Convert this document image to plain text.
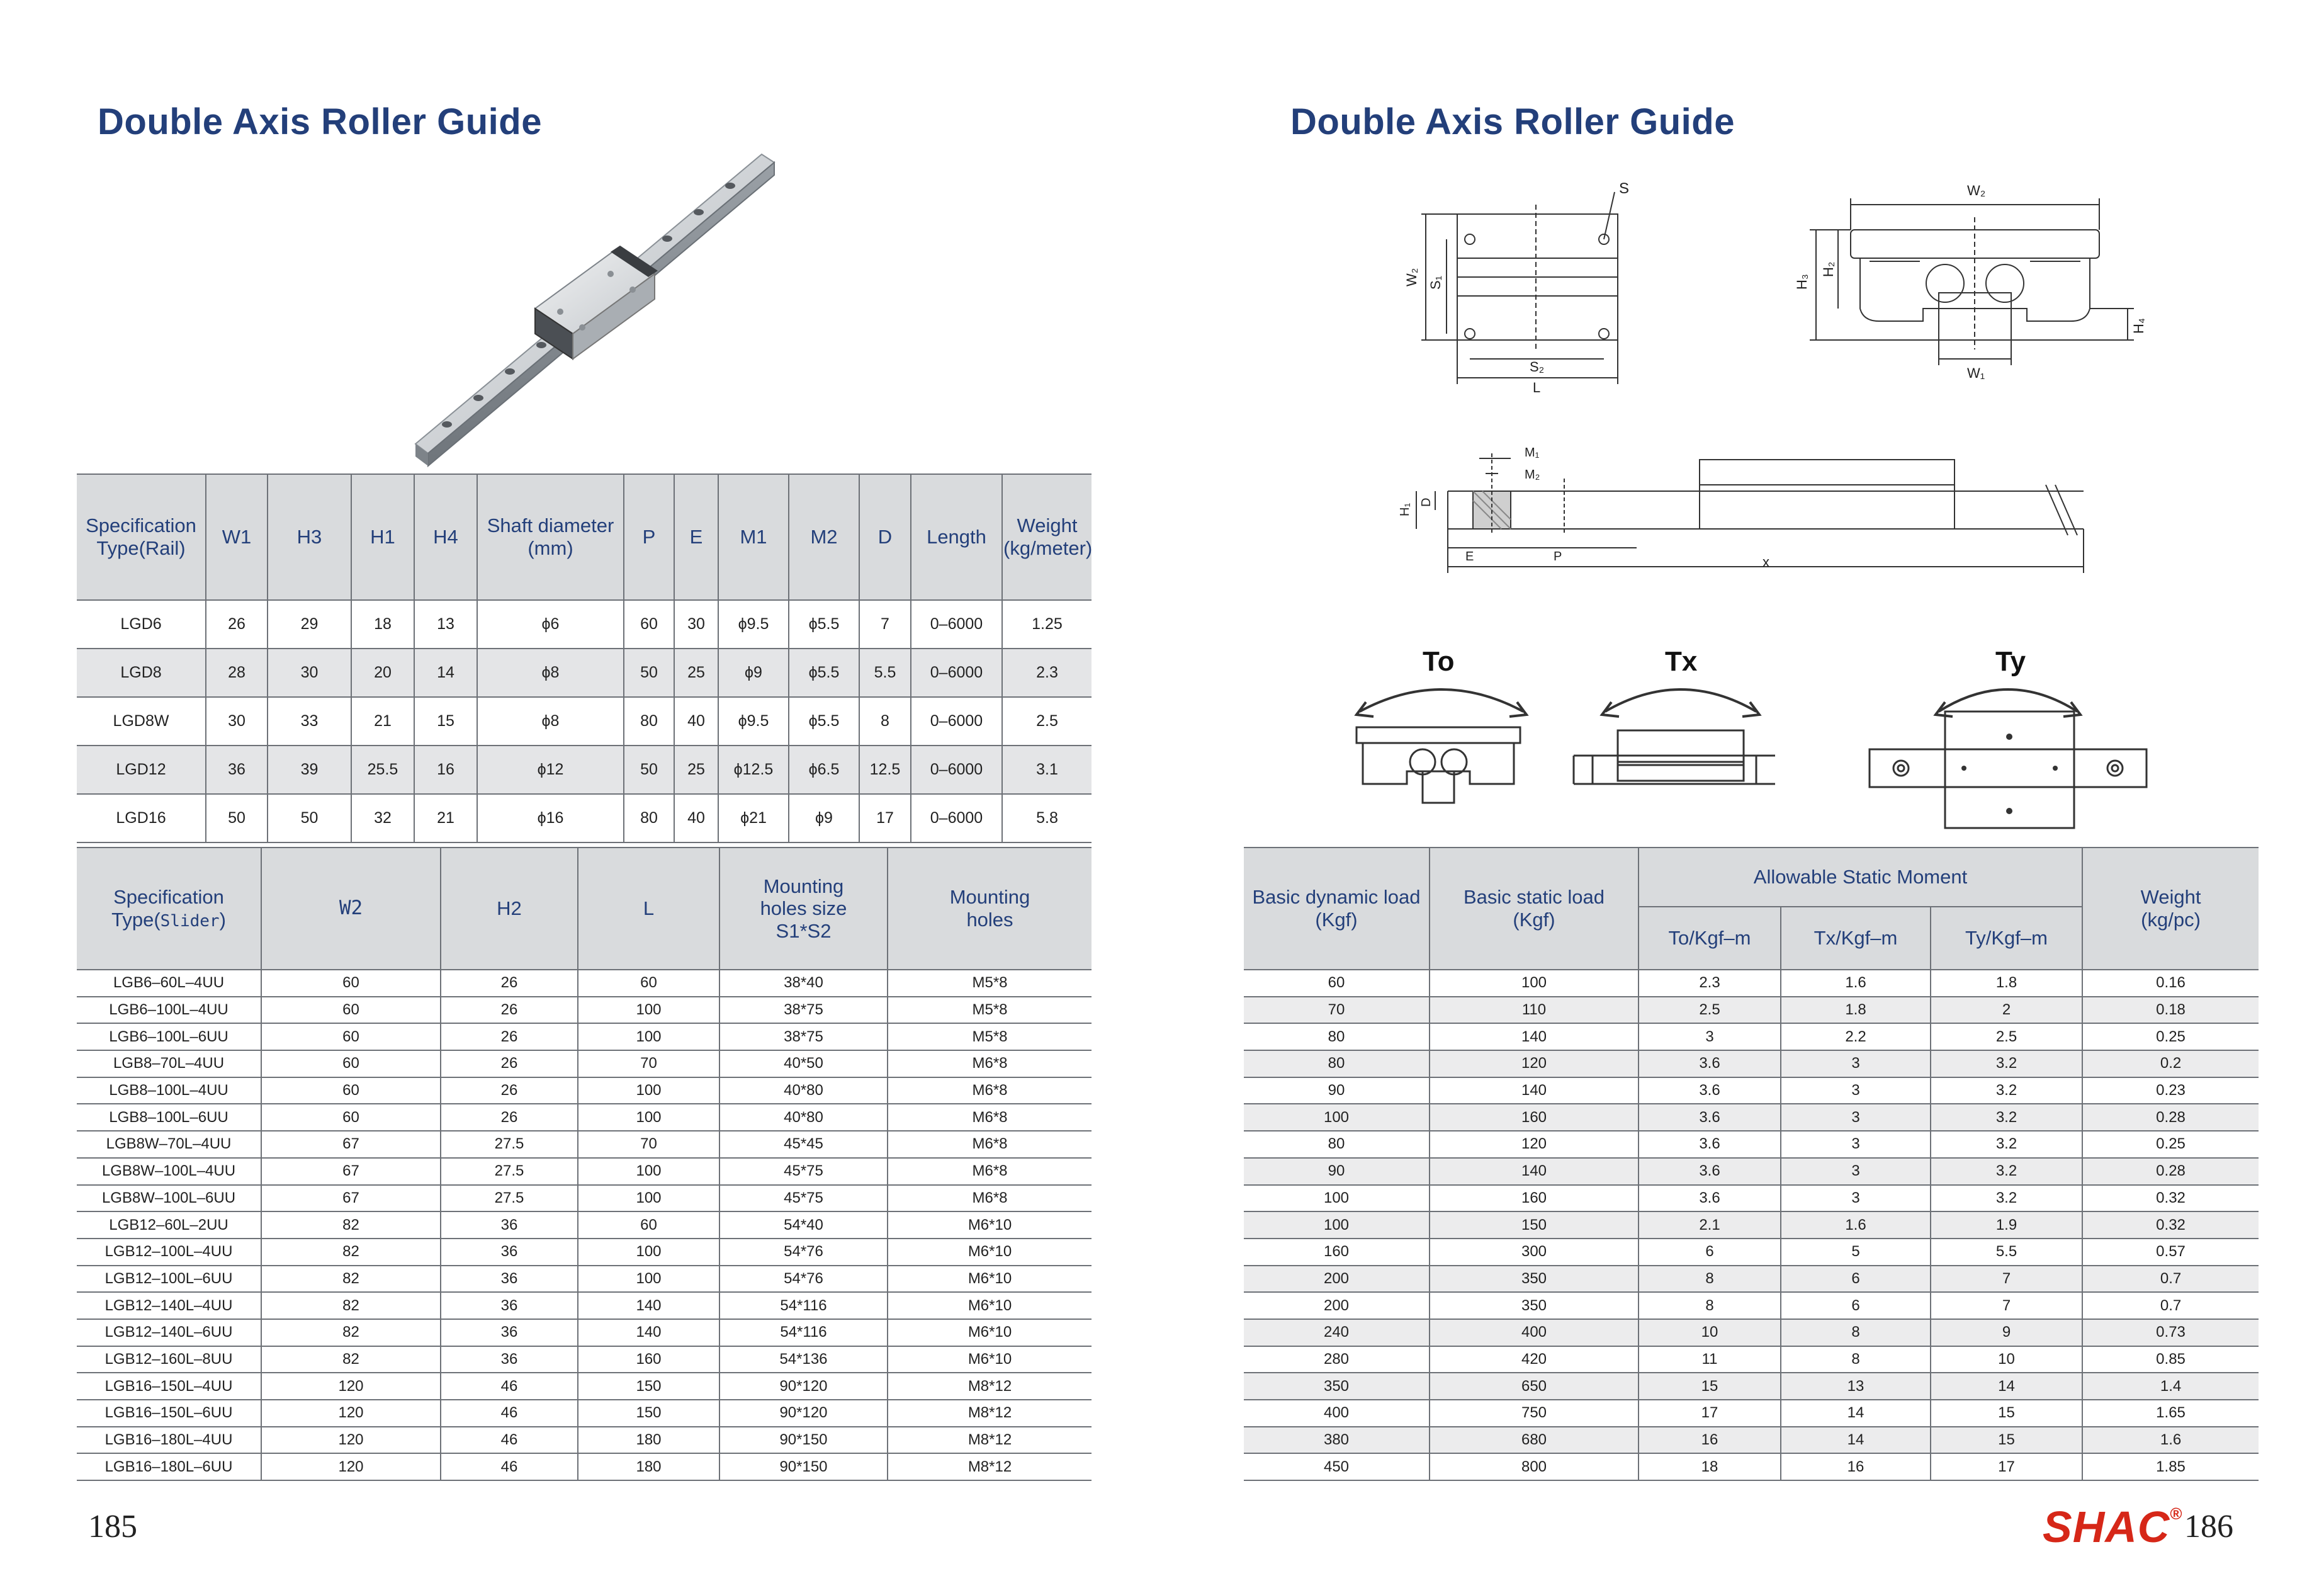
Double Axis Roller Guide	Double Axis Roller Guide
S
W₂ S₁
S₂
L
W₂
H₃
H₂
H₄
W₁
M₁
M₂
H₁
D
E	P	x
To	Tx	Ty
Specification Type(Rail)	W1	H3	H1	H4	Shaft diameter (mm)	P	E	M1	M2	D	Length	Weight (kg/meter)
LGD6	26	29	18	13	ϕ6	60	30	ϕ9.5	ϕ5.5	7	0–6000	1.25
LGD8	28	30	20	14	ϕ8	50	25	ϕ9	ϕ5.5	5.5	0–6000	2.3
LGD8W	30	33	21	15	ϕ8	80	40	ϕ9.5	ϕ5.5	8	0–6000	2.5
LGD12	36	39	25.5	16	ϕ12	50	25	ϕ12.5	ϕ6.5	12.5	0–6000	3.1
LGD16	50	50	32	21	ϕ16	80	40	ϕ21	ϕ9	17	0–6000	5.8
Specification
Type(Slider)	W2	H2	L	Mounting holes size S1*S2	Mounting holes
LGB6–60L–4UU	60	26	60	38*40	M5*8
LGB6–100L–4UU	60	26	100	38*75	M5*8
LGB6–100L–6UU	60	26	100	38*75	M5*8
LGB8–70L–4UU	60	26	70	40*50	M6*8
LGB8–100L–4UU	60	26	100	40*80	M6*8
LGB8–100L–6UU	60	26	100	40*80	M6*8
LGB8W–70L–4UU	67	27.5	70	45*45	M6*8
LGB8W–100L–4UU	67	27.5	100	45*75	M6*8
LGB8W–100L–6UU	67	27.5	100	45*75	M6*8
LGB12–60L–2UU	82	36	60	54*40	M6*10
LGB12–100L–4UU	82	36	100	54*76	M6*10
LGB12–100L–6UU	82	36	100	54*76	M6*10
LGB12–140L–4UU	82	36	140	54*116	M6*10
LGB12–140L–6UU	82	36	140	54*116	M6*10
LGB12–160L–8UU	82	36	160	54*136	M6*10
LGB16–150L–4UU	120	46	150	90*120	M8*12
LGB16–150L–6UU	120	46	150	90*120	M8*12
LGB16–180L–4UU	120	46	180	90*150	M8*12
LGB16–180L–6UU	120	46	180	90*150	M8*12
Basic dynamic load (Kgf)	Basic static load (Kgf)	Allowable Static Moment			Weight (kg/pc)
		To/Kgf–m	Tx/Kgf–m	Ty/Kgf–m	
60	100	2.3	1.6	1.8	0.16
70	110	2.5	1.8	2	0.18
80	140	3	2.2	2.5	0.25
80	120	3.6	3	3.2	0.2
90	140	3.6	3	3.2	0.23
100	160	3.6	3	3.2	0.28
80	120	3.6	3	3.2	0.25
90	140	3.6	3	3.2	0.28
100	160	3.6	3	3.2	0.32
100	150	2.1	1.6	1.9	0.32
160	300	6	5	5.5	0.57
200	350	8	6	7	0.7
200	350	8	6	7	0.7
240	400	10	8	9	0.73
280	420	11	8	10	0.85
350	650	15	13	14	1.4
400	750	17	14	15	1.65
380	680	16	14	15	1.6
450	800	18	16	17	1.85
185	SHAC® 186
